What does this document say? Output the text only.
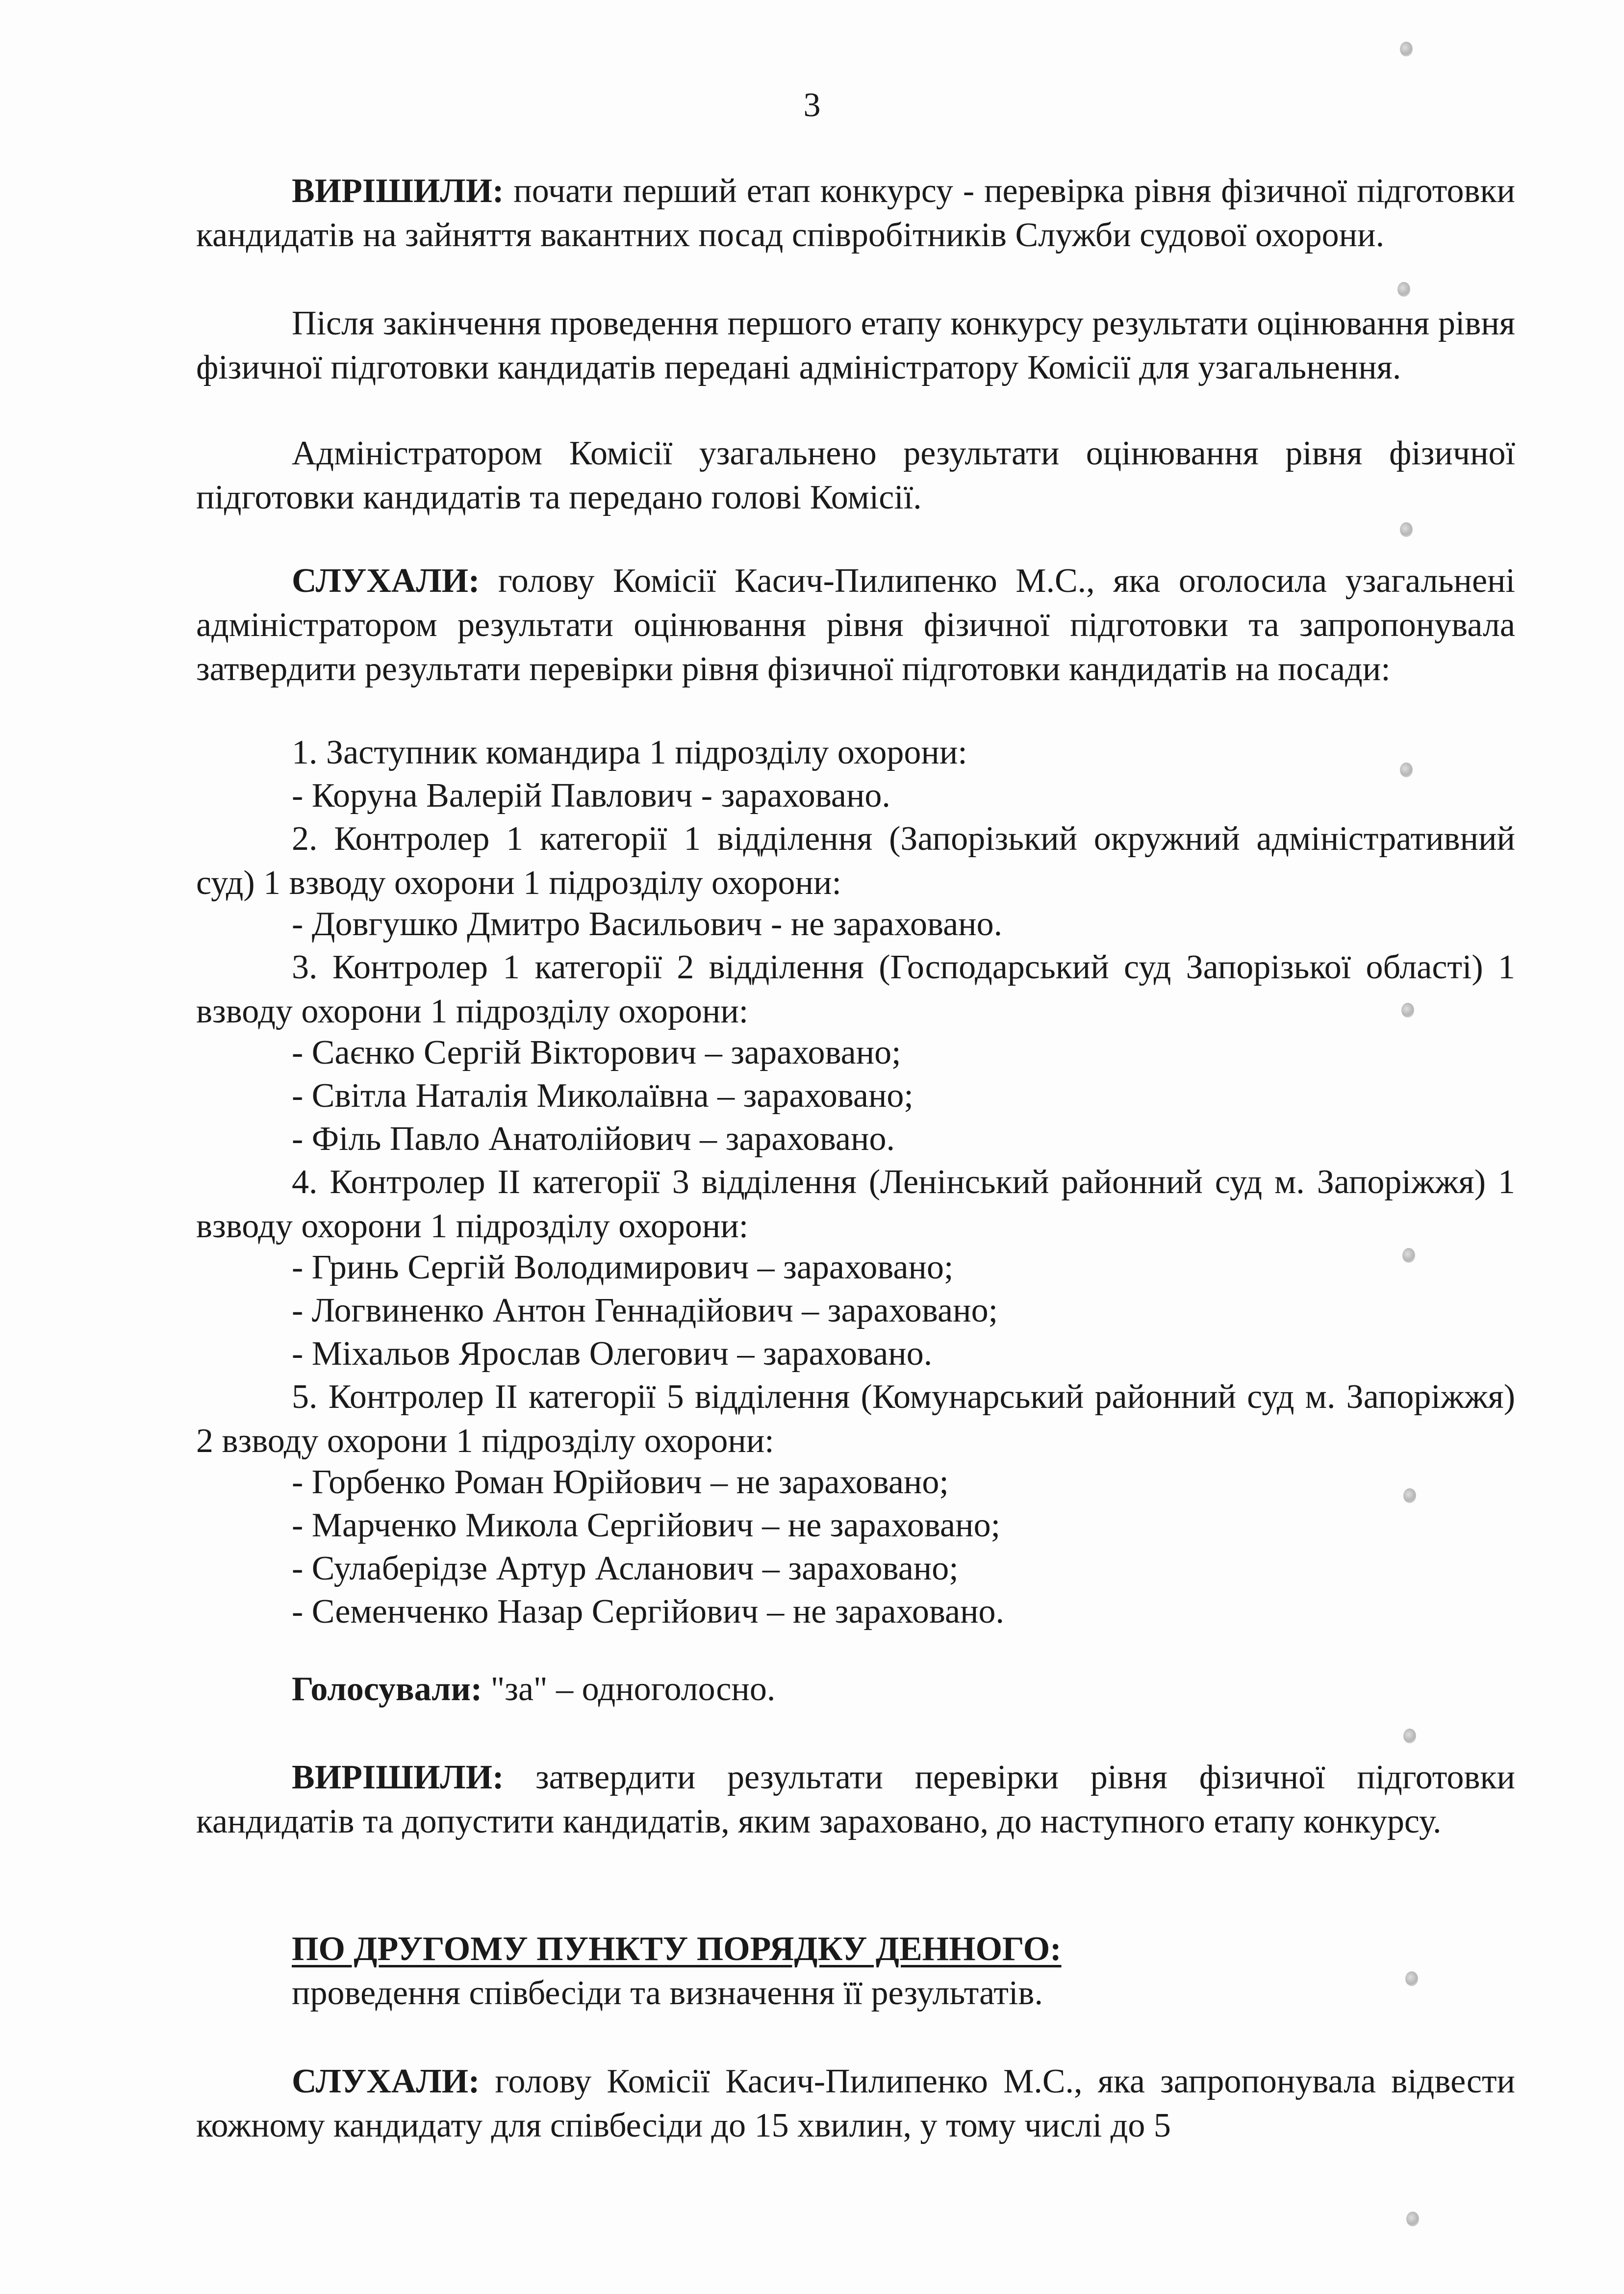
3

ВИРІШИЛИ: почати перший етап конкурсу - перевірка рівня фізичної підготовки кандидатів на зайняття вакантних посад співробітників Служби судової охорони.

Після закінчення проведення першого етапу конкурсу результати оцінювання рівня фізичної підготовки кандидатів передані адміністратору Комісії для узагальнення.

Адміністратором Комісії узагальнено результати оцінювання рівня фізичної підготовки кандидатів та передано голові Комісії.

СЛУХАЛИ: голову Комісії Касич-Пилипенко М.С., яка оголосила узагальнені адміністратором результати оцінювання рівня фізичної підготовки та запропонувала затвердити результати перевірки рівня фізичної підготовки кандидатів на посади:

1. Заступник командира 1 підрозділу охорони:
- Коруна Валерій Павлович - зараховано.

2. Контролер 1 категорії 1 відділення (Запорізький окружний адміністративний суд) 1 взводу охорони 1 підрозділу охорони:

- Довгушко Дмитро Васильович - не зараховано.

3. Контролер 1 категорії 2 відділення (Господарський суд Запорізької області) 1 взводу охорони 1 підрозділу охорони:

- Саєнко Сергій Вікторович – зараховано;
- Світла Наталія Миколаївна – зараховано;
- Філь Павло Анатолійович – зараховано.

4. Контролер ІІ категорії 3 відділення (Ленінський районний суд м. Запоріжжя) 1 взводу охорони 1 підрозділу охорони:

- Гринь Сергій Володимирович – зараховано;
- Логвиненко Антон Геннадійович – зараховано;
- Міхальов Ярослав Олегович – зараховано.

5. Контролер ІІ категорії 5 відділення (Комунарський районний суд м. Запоріжжя) 2 взводу охорони 1 підрозділу охорони:

- Горбенко Роман Юрійович – не зараховано;
- Марченко Микола Сергійович – не зараховано;
- Сулаберідзе Артур Асланович – зараховано;
- Семенченко Назар Сергійович – не зараховано.
Голосували: "за" – одноголосно.

ВИРІШИЛИ: затвердити результати перевірки рівня фізичної підготовки кандидатів та допустити кандидатів, яким зараховано, до наступного етапу конкурсу.

ПО ДРУГОМУ ПУНКТУ ПОРЯДКУ ДЕННОГО:
проведення співбесіди та визначення її результатів.

СЛУХАЛИ: голову Комісії Касич-Пилипенко М.С., яка запропонувала відвести кожному кандидату для співбесіди до 15 хвилин, у тому числі до 5
